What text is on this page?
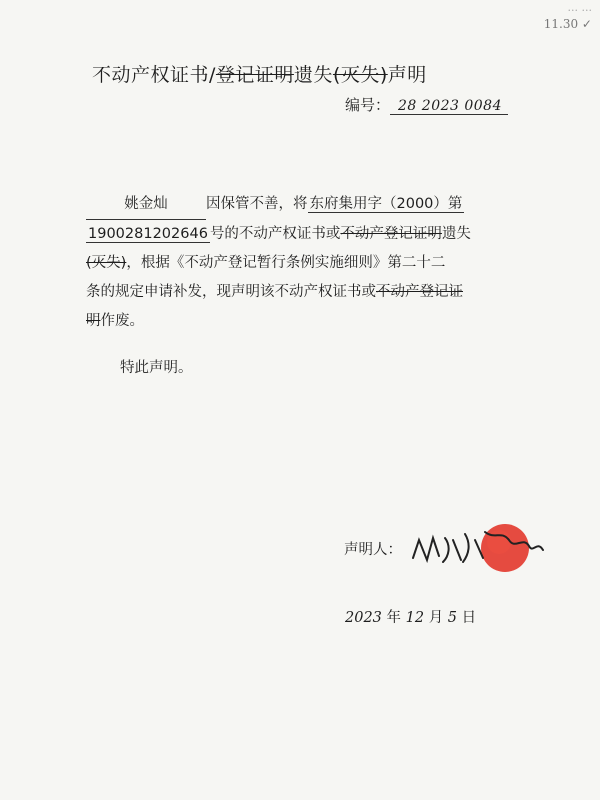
... ...
11.30 ✓
不动产权证书/登记证明遗失(灭失)声明
编号： 28 2023 0084
姚金灿	因保管不善，将 东府集用字（2000）第
1900281202646 号的不动产权证书或不动产登记证明遗失
(灭失)，根据《不动产登记暂行条例实施细则》第二十二
条的规定申请补发，现声明该不动产权证书或不动产登记证
明作废。
特此声明。
声明人：
2023 年 12 月 5 日
